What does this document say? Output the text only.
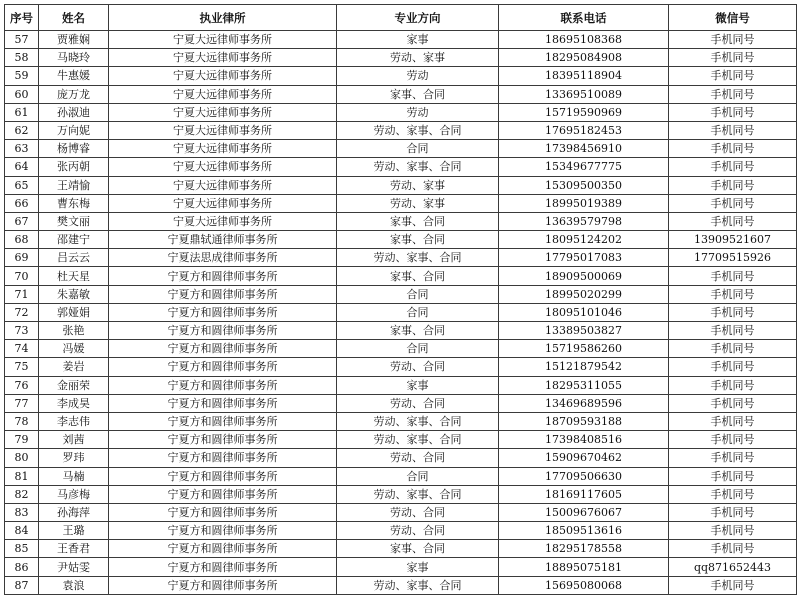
序号	姓名	执业律所	专业方向	联系电话	微信号
57	贾雅娴	宁夏大远律师事务所	家事	18695108368	手机同号
58	马晓玲	宁夏大远律师事务所	劳动、家事	18295084908	手机同号
59	牛惠媛	宁夏大远律师事务所	劳动	18395118904	手机同号
60	庞万龙	宁夏大远律师事务所	家事、合同	13369510089	手机同号
61	孙淑迪	宁夏大远律师事务所	劳动	15719590969	手机同号
62	万向妮	宁夏大远律师事务所	劳动、家事、合同	17695182453	手机同号
63	杨博睿	宁夏大远律师事务所	合同	17398456910	手机同号
64	张丙朝	宁夏大远律师事务所	劳动、家事、合同	15349677775	手机同号
65	王靖愉	宁夏大远律师事务所	劳动、家事	15309500350	手机同号
66	曹东梅	宁夏大远律师事务所	劳动、家事	18995019389	手机同号
67	樊文丽	宁夏大远律师事务所	家事、合同	13639579798	手机同号
68	邵建宁	宁夏鼎轼通律师事务所	家事、合同	18095124202	13909521607
69	吕云云	宁夏法思成律师事务所	劳动、家事、合同	17795017083	17709515926
70	杜天星	宁夏方和圆律师事务所	家事、合同	18909500069	手机同号
71	朱嘉敏	宁夏方和圆律师事务所	合同	18995020299	手机同号
72	郭娅娟	宁夏方和圆律师事务所	合同	18095101046	手机同号
73	张艳	宁夏方和圆律师事务所	家事、合同	13389503827	手机同号
74	冯媛	宁夏方和圆律师事务所	合同	15719586260	手机同号
75	姜岩	宁夏方和圆律师事务所	劳动、合同	15121879542	手机同号
76	金丽荣	宁夏方和圆律师事务所	家事	18295311055	手机同号
77	李成昊	宁夏方和圆律师事务所	劳动、合同	13469689596	手机同号
78	李志伟	宁夏方和圆律师事务所	劳动、家事、合同	18709593188	手机同号
79	刘茜	宁夏方和圆律师事务所	劳动、家事、合同	17398408516	手机同号
80	罗玮	宁夏方和圆律师事务所	劳动、合同	15909670462	手机同号
81	马楠	宁夏方和圆律师事务所	合同	17709506630	手机同号
82	马彦梅	宁夏方和圆律师事务所	劳动、家事、合同	18169117605	手机同号
83	孙海萍	宁夏方和圆律师事务所	劳动、合同	15009676067	手机同号
84	王璐	宁夏方和圆律师事务所	劳动、合同	18509513616	手机同号
85	王香君	宁夏方和圆律师事务所	家事、合同	18295178558	手机同号
86	尹姑雯	宁夏方和圆律师事务所	家事	18895075181	qq871652443
87	袁浪	宁夏方和圆律师事务所	劳动、家事、合同	15695080068	手机同号
